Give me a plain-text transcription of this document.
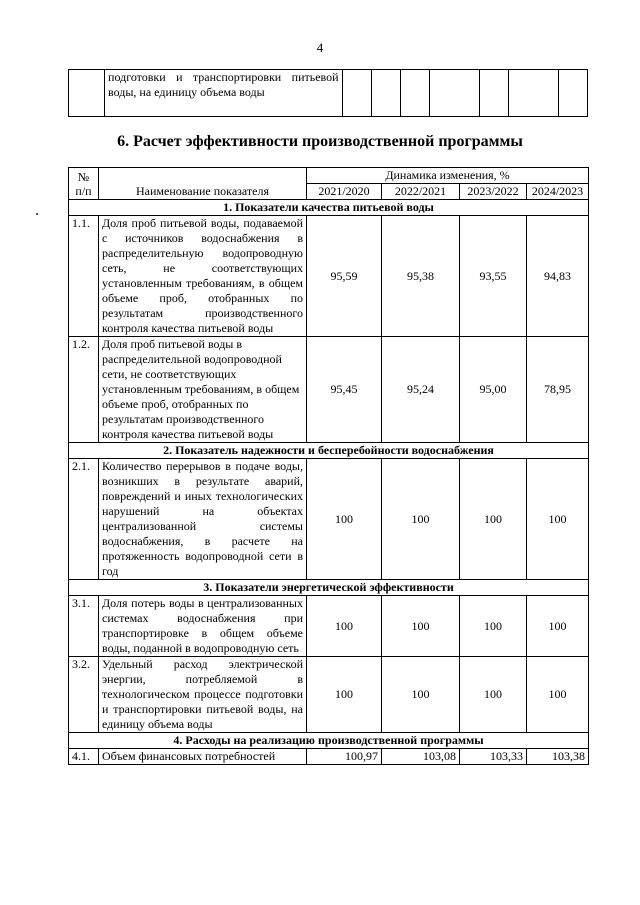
4
	подготовки и транспортировки питьевой воды, на единицу объема воды							
6. Расчет эффективности производственной программы
№ п/п	Наименование показателя	Динамика изменения, %			
		2021/2020	2022/2021	2023/2022	2024/2023
1. Показатели качества питьевой воды					
1.1.	Доля проб питьевой воды, подаваемой с источников водоснабжения в распределительную водопроводную сеть, не соответствующих установленным требованиям, в общем объеме проб, отобранных по результатам производственного контроля качества питьевой воды	95,59	95,38	93,55	94,83
1.2.	Доля проб питьевой воды в распределительной водопроводной сети, не соответствующих установленным требованиям, в общем объеме проб, отобранных по результатам производственного контроля качества питьевой воды	95,45	95,24	95,00	78,95
2. Показатель надежности и бесперебойности водоснабжения					
2.1.	Количество перерывов в подаче воды, возникших в результате аварий, повреждений и иных технологических нарушений на объектах централизованной системы водоснабжения, в расчете на протяженность водопроводной сети в год	100	100	100	100
3. Показатели энергетической эффективности					
3.1.	Доля потерь воды в централизованных системах водоснабжения при транспортировке в общем объеме воды, поданной в водопроводную сеть	100	100	100	100
3.2.	Удельный расход электрической энергии, потребляемой в технологическом процессе подготовки и транспортировки питьевой воды, на единицу объема воды	100	100	100	100
4. Расходы на реализацию производственной программы					
4.1.	Объем финансовых потребностей	100,97	103,08	103,33	103,38
